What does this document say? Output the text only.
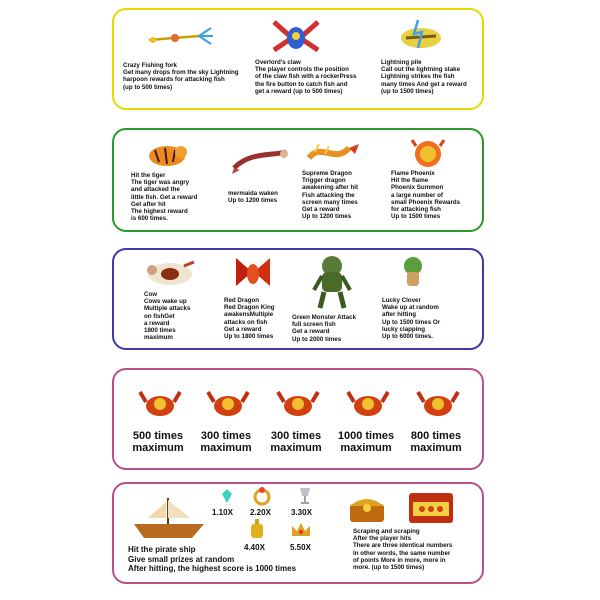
Crazy Fishing fork
Get many drops from the sky Lightning
harpoon rewards for attacking fish
(up to 500 times)
Overlord's claw
The player controls the position
of the claw fish with a rockerPress
the fire button to catch fish and
get a reward (up to 500 times)
Lightning pile
Call out the lightning stake
Lightning strikes the fish
many times And get a reward
(up to 1500 times)
Hit the tiger
The tiger was angry
and attacked the
little fish. Get a reward
Get after hit
The highest reward
is 600 times.
mermaida waken
Up to 1200 times
Supreme Dragon
Trigger dragon
awakening after hit
Fish attacking the
screen many times
Get a reward
Up to 1200 times
Flame Phoenix
Hit the flame
Phoenix Summon
a large number of
small Phoenix Rewards
for attacking fish
Up to 1500 times
Cow
Cows wake up
Multiple attacks
on fishGet
a reward
1800 times
maximum
Red Dragon
Red Dragon King
awakensMultiple
attacks on fish
Get a reward
Up to 1800 times
Green Monster Attack
full screen fish
Get a reward
Up to 2000 times
Lucky Clover
Wake up at random
after hitting
Up to 1500 times Or
lucky clapping
Up to 6000 times.
500 times
maximum
300 times
maximum
300 times
maximum
1000 times
maximum
800 times
maximum
Hit the pirate ship
Give small prizes at random
After hitting, the highest score is 1000 times
1.10X 2.20X	3.30X
4.40X	5.50X
Scraping and scraping
After the player hits
There are three identical numbers
In other words, the same number
of points More in more, more in
more. (up to 1500 times)
